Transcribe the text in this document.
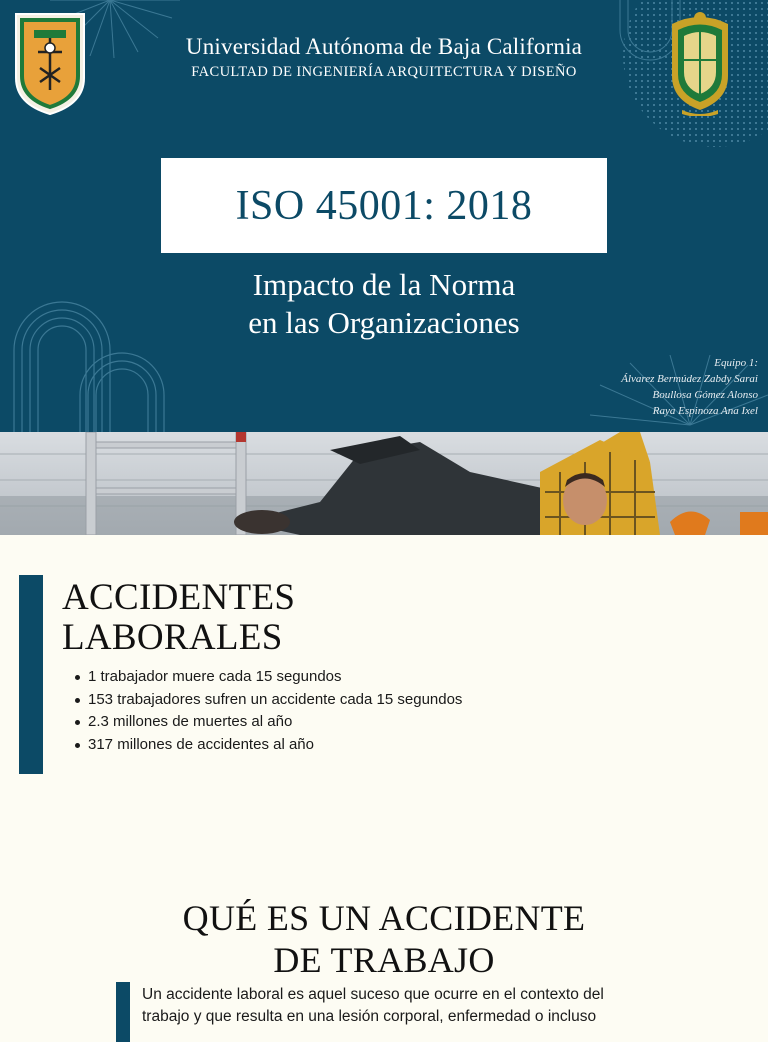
Universidad Autónoma de Baja California
FACULTAD DE INGENIERÍA ARQUITECTURA Y DISEÑO
ISO 45001: 2018
Impacto de la Norma
en las Organizaciones
Equipo 1:
Álvarez Bermúdez Zabdy Sarai
Boullosa Gómez Alonso
Raya Espinoza Ana Ixel
ACCIDENTES
LABORALES
1 trabajador muere cada 15 segundos
153 trabajadores sufren un accidente cada 15 segundos
2.3 millones de muertes al año
317 millones de accidentes al año
QUÉ ES UN ACCIDENTE
DE TRABAJO

Un accidente laboral es aquel suceso que ocurre en el contexto del trabajo y que resulta en una lesión corporal, enfermedad o incluso
